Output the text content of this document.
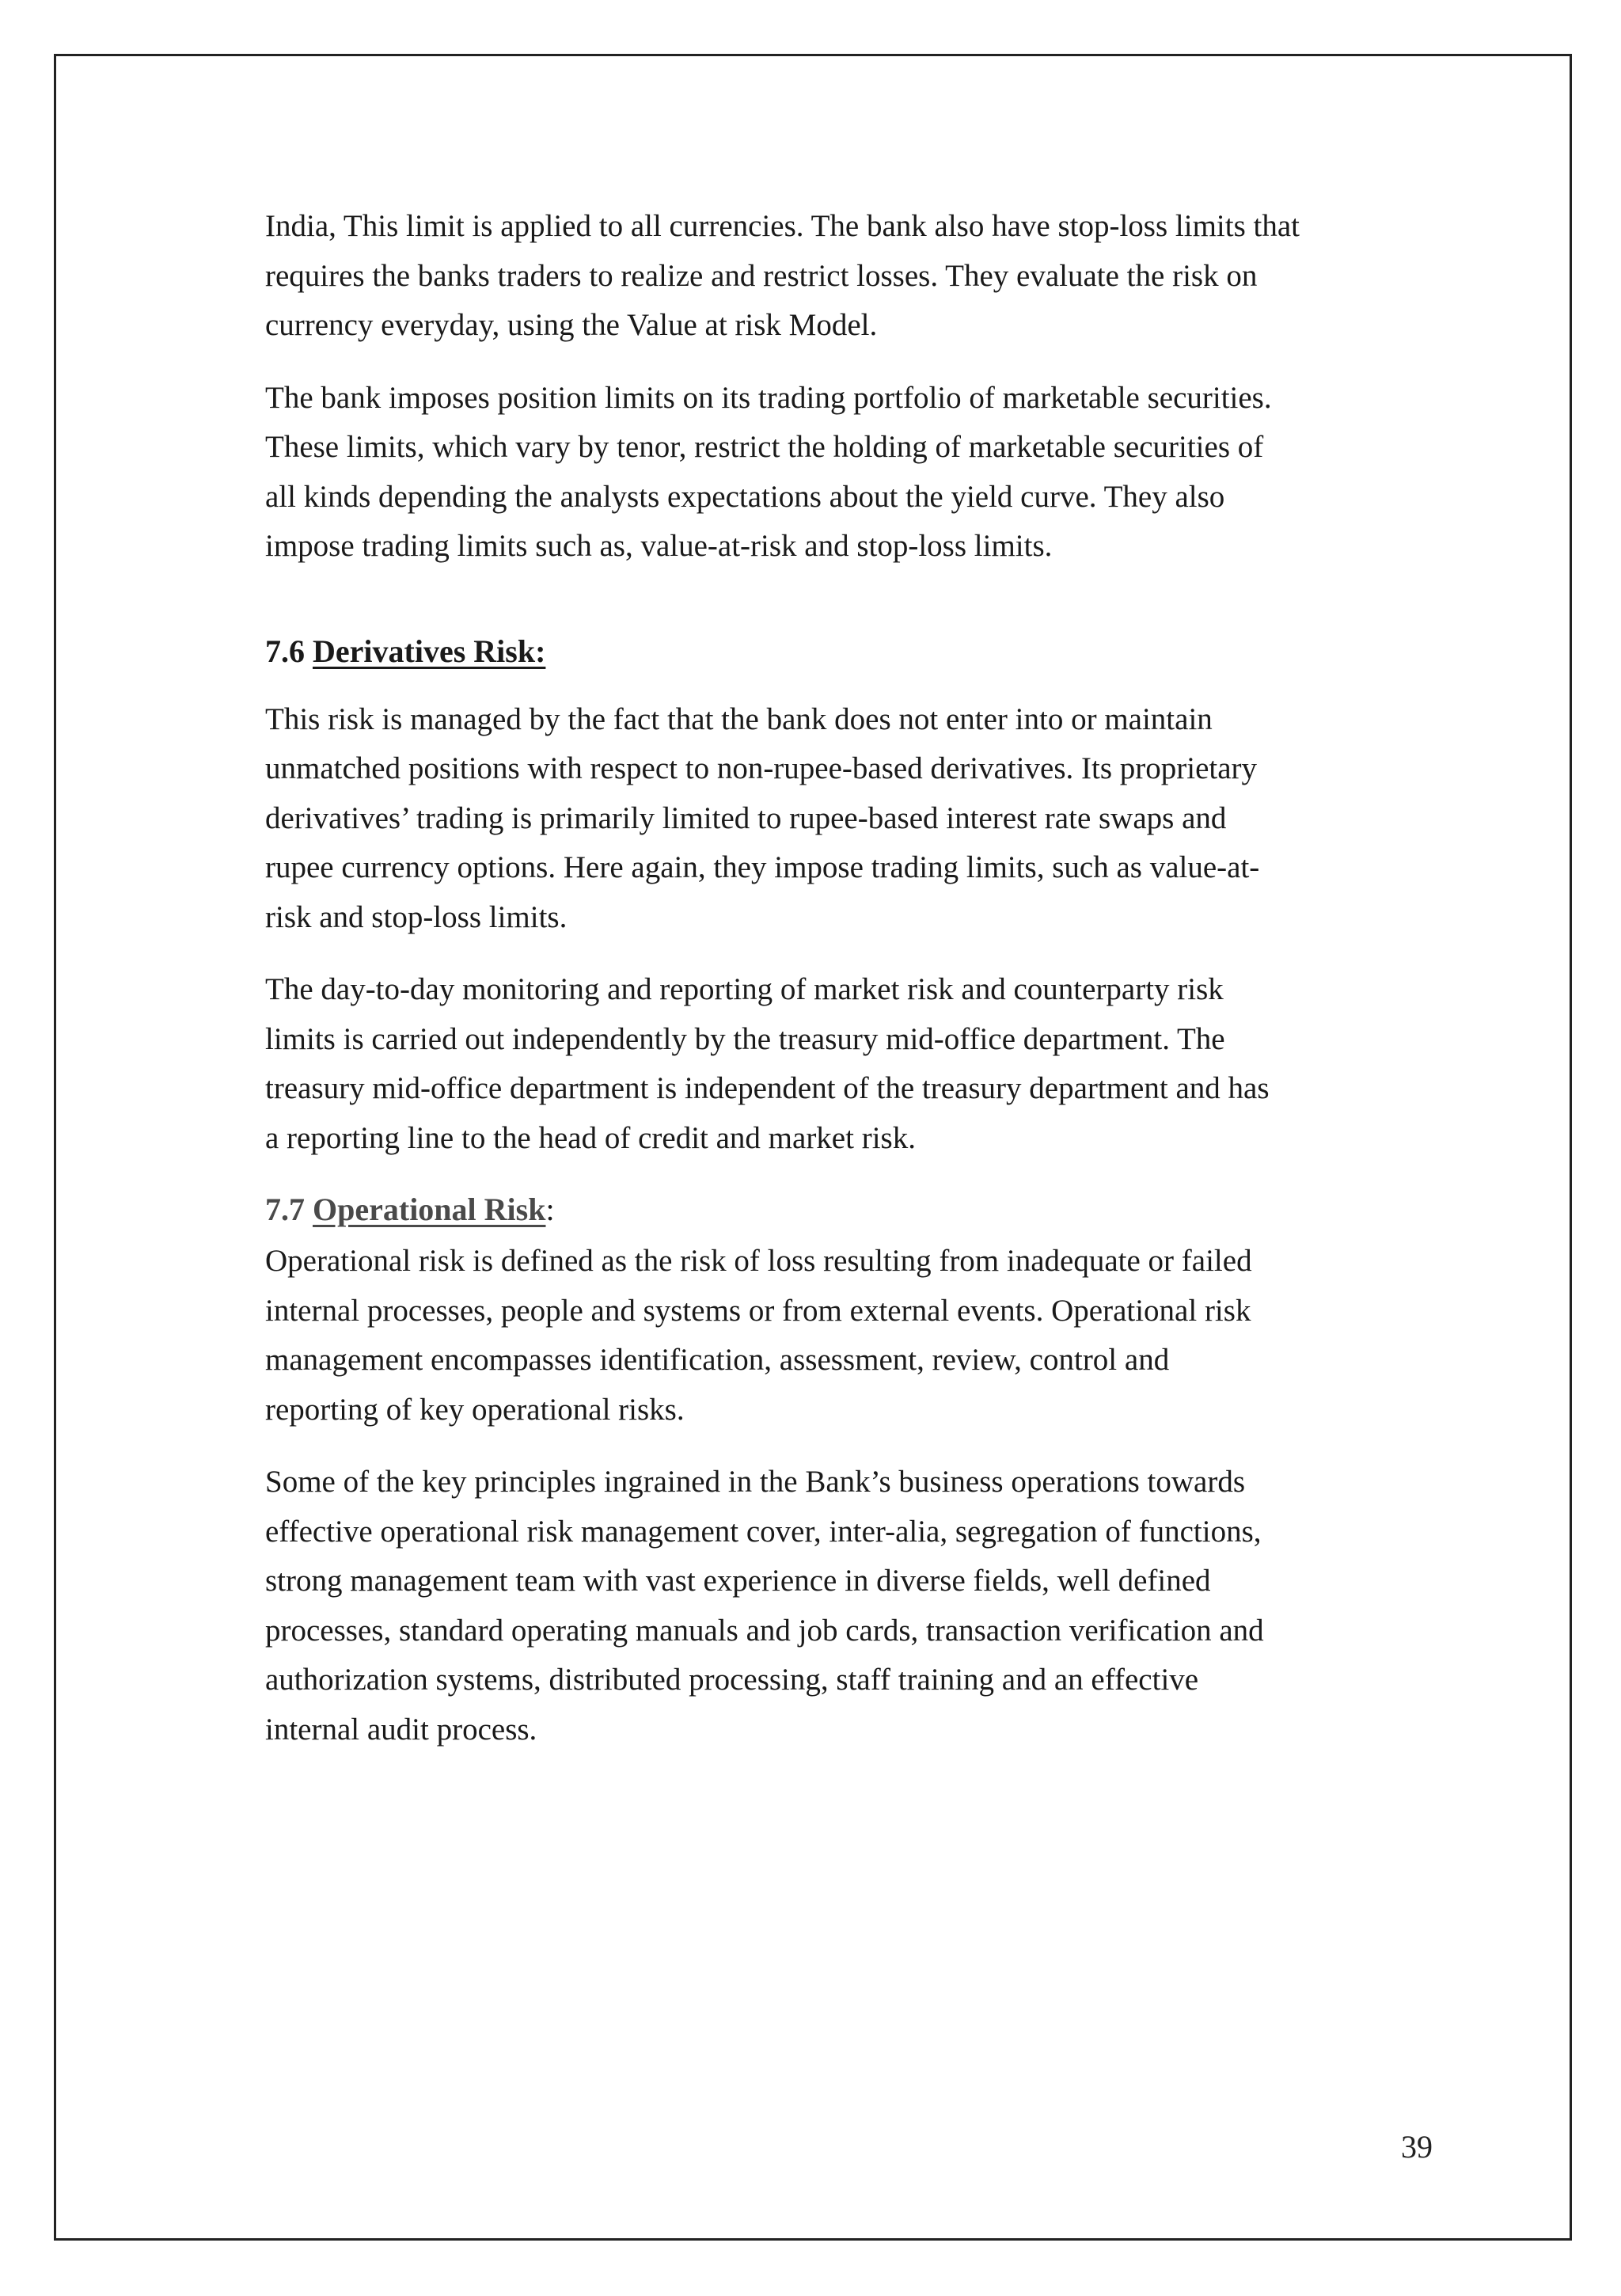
India, This limit is applied to all currencies. The bank also have stop-loss limits that
requires the banks traders to realize and restrict losses. They evaluate the risk on
currency everyday, using the Value at risk Model.

The bank imposes position limits on its trading portfolio of marketable securities.
These limits, which vary by tenor, restrict the holding of marketable securities of
all kinds depending the analysts expectations about the yield curve. They also
impose trading limits such as, value-at-risk and stop-loss limits.

7.6 Derivatives Risk:

This risk is managed by the fact that the bank does not enter into or maintain
unmatched positions with respect to non-rupee-based derivatives. Its proprietary
derivatives’ trading is primarily limited to rupee-based interest rate swaps and
rupee currency options. Here again, they impose trading limits, such as value-at-
risk and stop-loss limits.

The day-to-day monitoring and reporting of market risk and counterparty risk
limits is carried out independently by the treasury mid-office department. The
treasury mid-office department is independent of the treasury department and has
a reporting line to the head of credit and market risk.

7.7 Operational Risk:

Operational risk is defined as the risk of loss resulting from inadequate or failed
internal processes, people and systems or from external events. Operational risk
management encompasses identification, assessment, review, control and
reporting of key operational risks.

Some of the key principles ingrained in the Bank’s business operations towards
effective operational risk management cover, inter-alia, segregation of functions,
strong management team with vast experience in diverse fields, well defined
processes, standard operating manuals and job cards, transaction verification and
authorization systems, distributed processing, staff training and an effective
internal audit process.

39
